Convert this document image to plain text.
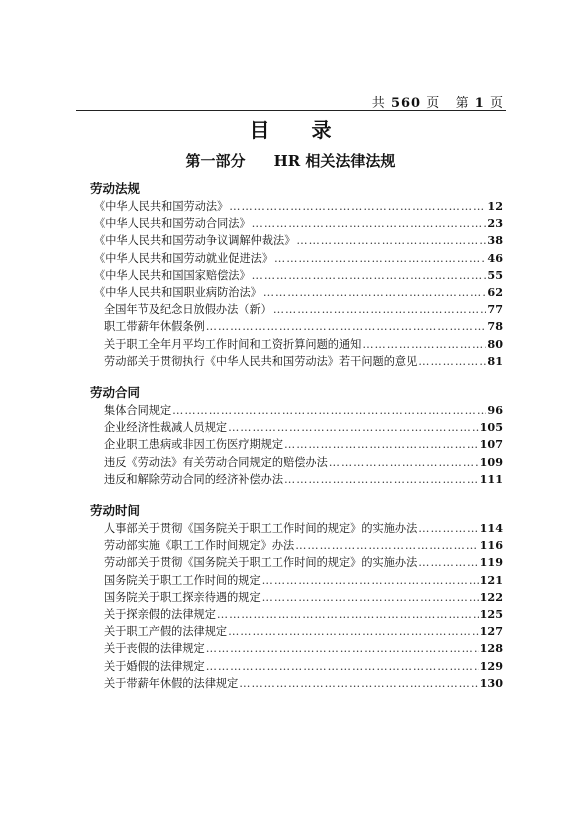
共 560 页 第 1 页
目录
第一部分 HR 相关法律法规
劳动法规
《中华人民共和国劳动法》 …………………………………………………………………………………………………………………………………………………………	12
《中华人民共和国劳动合同法》 …………………………………………………………………………………………………………………………………………………………	23
《中华人民共和国劳动争议调解仲裁法》 …………………………………………………………………………………………………………………………………………………………	38
《中华人民共和国劳动就业促进法》 …………………………………………………………………………………………………………………………………………………………	46
《中华人民共和国国家赔偿法》 …………………………………………………………………………………………………………………………………………………………	55
《中华人民共和国职业病防治法》 …………………………………………………………………………………………………………………………………………………………	62
全国年节及纪念日放假办法（新） …………………………………………………………………………………………………………………………………………………………	77
职工带薪年休假条例 …………………………………………………………………………………………………………………………………………………………	78
关于职工全年月平均工作时间和工资折算问题的通知 …………………………………………………………………………………………………………………………………………………………	80
劳动部关于贯彻执行《中华人民共和国劳动法》若干问题的意见 …………………………………………………………………………………………………………………………………………………………	81
劳动合同
集体合同规定 …………………………………………………………………………………………………………………………………………………………	96
企业经济性裁减人员规定 …………………………………………………………………………………………………………………………………………………………	105
企业职工患病或非因工伤医疗期规定 …………………………………………………………………………………………………………………………………………………………	107
违反《劳动法》有关劳动合同规定的赔偿办法 …………………………………………………………………………………………………………………………………………………………	109
违反和解除劳动合同的经济补偿办法 …………………………………………………………………………………………………………………………………………………………	111
劳动时间
人事部关于贯彻《国务院关于职工工作时间的规定》的实施办法 …………………………………………………………………………………………………………………………………………………………	114
劳动部实施《职工工作时间规定》办法 …………………………………………………………………………………………………………………………………………………………	116
劳动部关于贯彻《国务院关于职工工作时间的规定》的实施办法 …………………………………………………………………………………………………………………………………………………………	119
国务院关于职工工作时间的规定 …………………………………………………………………………………………………………………………………………………………	121
国务院关于职工探亲待遇的规定 …………………………………………………………………………………………………………………………………………………………	122
关于探亲假的法律规定 …………………………………………………………………………………………………………………………………………………………	125
关于职工产假的法律规定 …………………………………………………………………………………………………………………………………………………………	127
关于丧假的法律规定 …………………………………………………………………………………………………………………………………………………………	128
关于婚假的法律规定 …………………………………………………………………………………………………………………………………………………………	129
关于带薪年休假的法律规定 …………………………………………………………………………………………………………………………………………………………	130
